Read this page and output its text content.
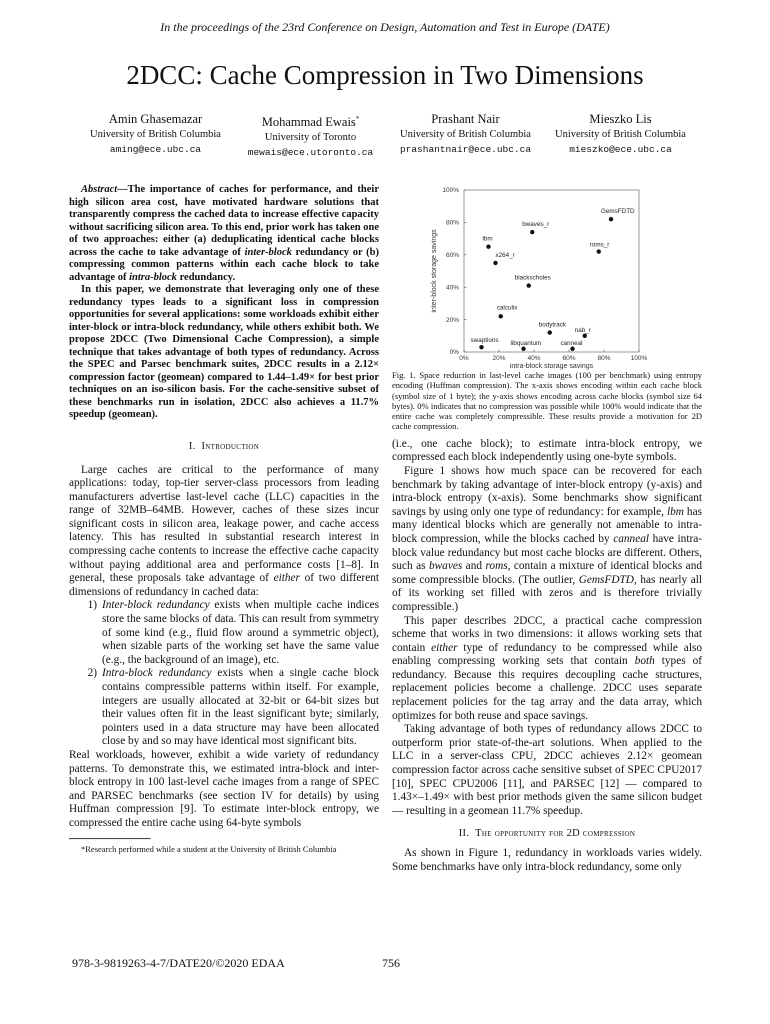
In the proceedings of the 23rd Conference on Design, Automation and Test in Europe (DATE)
2DCC: Cache Compression in Two Dimensions
Amin Ghasemazar
University of British Columbia
aming@ece.ubc.ca
Mohammad Ewais*
University of Toronto
mewais@ece.utoronto.ca
Prashant Nair
University of British Columbia
prashantnair@ece.ubc.ca
Mieszko Lis
University of British Columbia
mieszko@ece.ubc.ca

Abstract—The importance of caches for performance, and their high silicon area cost, have motivated hardware solutions that transparently compress the cached data to increase effective capacity without sacrificing silicon area. To this end, prior work has taken one of two approaches: either (a) deduplicating identical cache blocks across the cache to take advantage of inter-block redundancy or (b) compressing common patterns within each cache block to take advantage of intra-block redundancy.
In this paper, we demonstrate that leveraging only one of these redundancy types leads to a significant loss in compression opportunities for several applications: some workloads exhibit either inter-block or intra-block redundancy, while others exhibit both. We propose 2DCC (Two Dimensional Cache Compression), a simple technique that takes advantage of both types of redundancy. Across the SPEC and Parsec benchmark suites, 2DCC results in a 2.12× compression factor (geomean) compared to 1.44–1.49× for best prior techniques on an iso-silicon basis. For the cache-sensitive subset of these benchmarks run in isolation, 2DCC also achieves a 11.7% speedup (geomean).

I. Introduction

Large caches are critical to the performance of many applications: today, top-tier server-class processors from leading manufacturers advertise last-level cache (LLC) capacities in the range of 32MB–64MB. However, caches of these sizes incur significant costs in silicon area, leakage power, and cache access latency. This has resulted in substantial research interest in compressing cache contents to increase the effective cache capacity without paying additional area and performance costs [1–8]. In general, these proposals take advantage of either of two different dimensions of redundancy in cached data:

1) Inter-block redundancy exists when multiple cache indices store the same blocks of data. This can result from symmetry of some kind (e.g., fluid flow around a symmetric object), when sizable parts of the working set have the same value (e.g., the background of an image), etc.
2) Intra-block redundancy exists when a single cache block contains compressible patterns within itself. For example, integers are usually allocated at 32-bit or 64-bit sizes but their values often fit in the least significant byte; similarly, pointers used in a data structure may have been allocated close by and so may have identical most significant bits.

Real workloads, however, exhibit a wide variety of redundancy patterns. To demonstrate this, we estimated intra-block and inter-block entropy in 100 last-level cache images from a range of SPEC and PARSEC benchmarks (see section IV for details) by using Huffman compression [9]. To estimate inter-block entropy, we compressed the entire cache using 64-byte symbols

*Research performed while a student at the University of British Columbia

0%	20%	40%	60%	80%	100%
0%
20%
40%
60%
80%
100%
intra-block storage savings
inter-block storage savings
GemsFDTD
bwaves_r
lbm
roms_r
x264_r
blackscholes
calculix
bodytrack
nab_r
swaptions libquantum	canneal

Fig. 1. Space reduction in last-level cache images (100 per benchmark) using entropy encoding (Huffman compression). The x-axis shows encoding within each cache block (symbol size of 1 byte); the y-axis shows encoding across cache blocks (symbol size 64 bytes). 0% indicates that no compression was possible while 100% would indicate that the entire cache was completely compressible. These results provide a motivation for 2D cache compression.

(i.e., one cache block); to estimate intra-block entropy, we compressed each block independently using one-byte symbols.

Figure 1 shows how much space can be recovered for each benchmark by taking advantage of inter-block entropy (y-axis) and intra-block entropy (x-axis). Some benchmarks show significant savings by using only one type of redundancy: for example, lbm has many identical blocks which are generally not amenable to intra-block compression, while the blocks cached by canneal have intra-block value redundancy but most cache blocks are different. Others, such as bwaves and roms, contain a mixture of identical blocks and some compressible blocks. (The outlier, GemsFDTD, has nearly all of its working set filled with zeros and is therefore trivially compressible.)

This paper describes 2DCC, a practical cache compression scheme that works in two dimensions: it allows working sets that contain either type of redundancy to be compressed while also enabling compressing working sets that contain both types of redundancy. Because this requires decoupling cache structures, replacement policies become a challenge. 2DCC uses separate replacement policies for the tag array and the data array, which optimizes for both reuse and space savings.

Taking advantage of both types of redundancy allows 2DCC to outperform prior state-of-the-art solutions. When applied to the LLC in a server-class CPU, 2DCC achieves 2.12× geomean compression factor across cache sensitive subset of SPEC CPU2017 [10], SPEC CPU2006 [11], and PARSEC [12] — compared to 1.43×–1.49× with best prior methods given the same silicon budget — resulting in a geomean 11.7% speedup.

II. The opportunity for 2D compression

As shown in Figure 1, redundancy in workloads varies widely. Some benchmarks have only intra-block redundancy, some only

978-3-9819263-4-7/DATE20/©2020 EDAA	756
